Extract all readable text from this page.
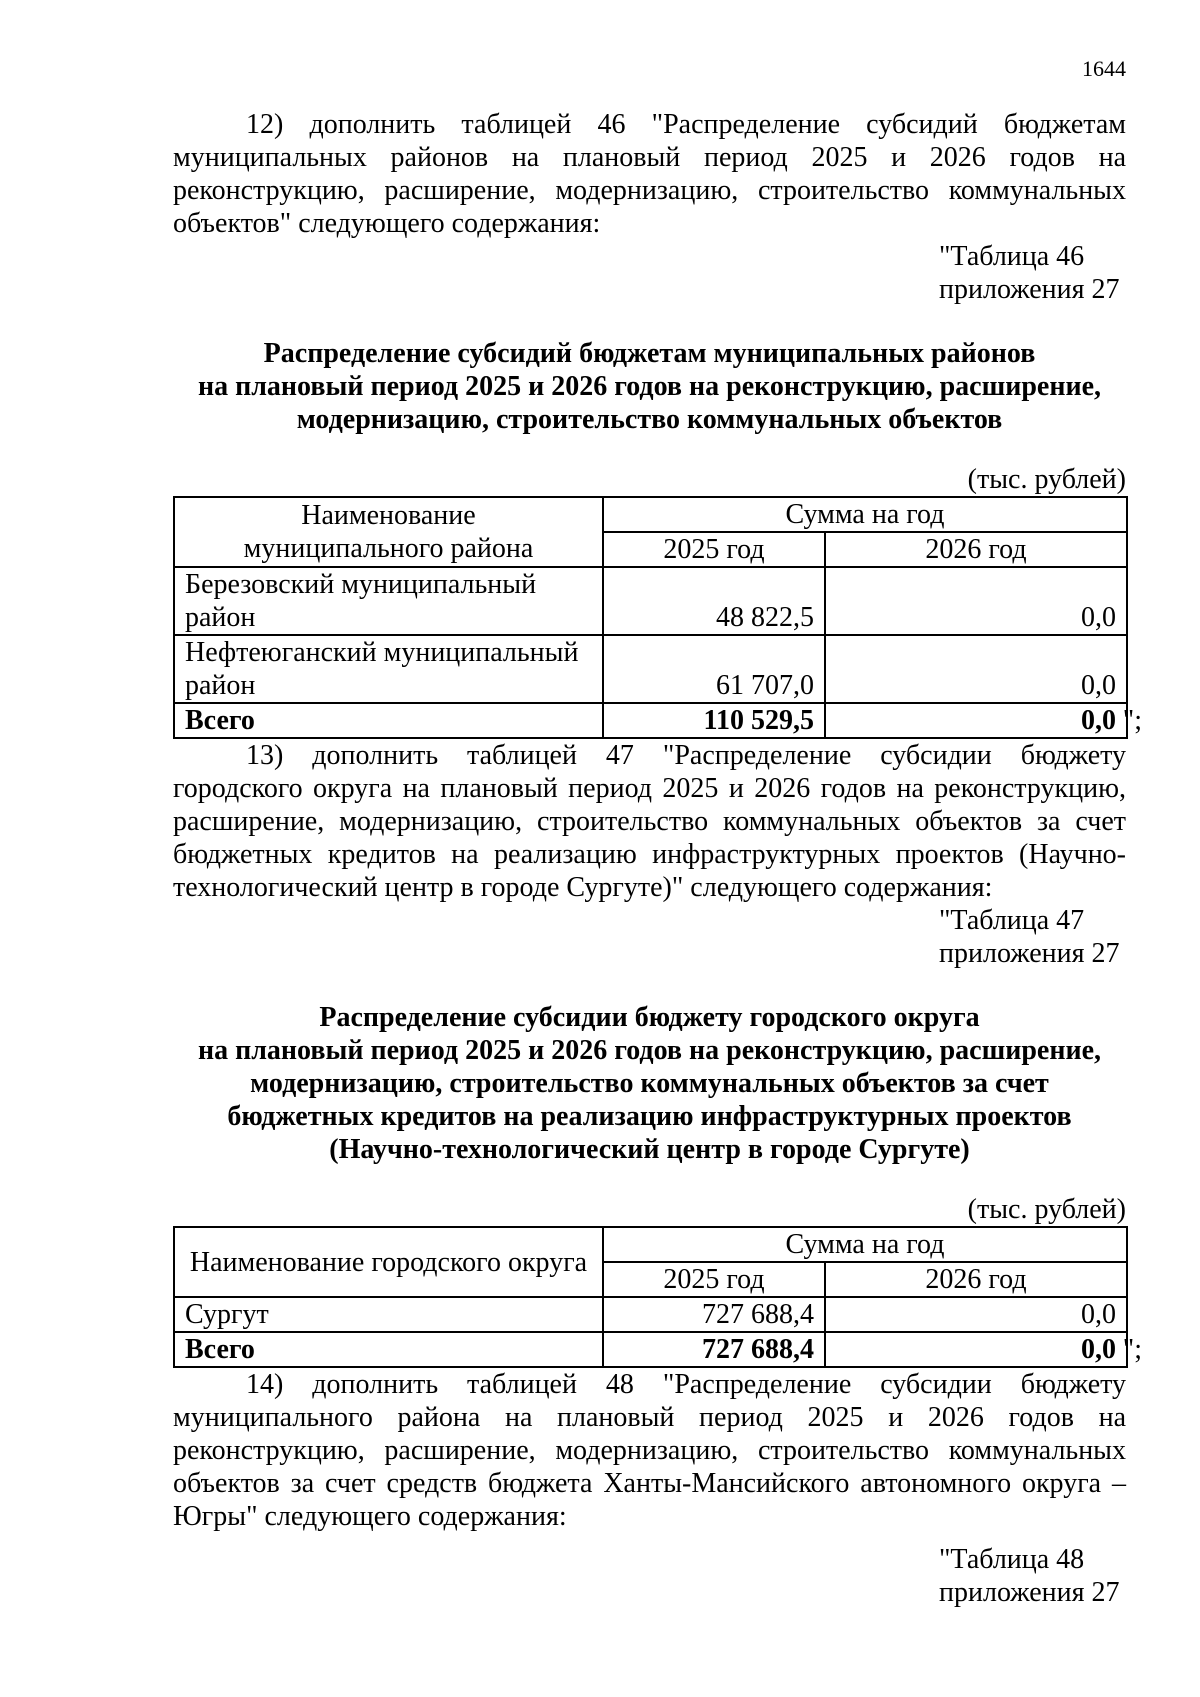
1644

12) дополнить таблицей 46 "Распределение субсидий бюджетам муниципальных районов на плановый период 2025 и 2026 годов на реконструкцию, расширение, модернизацию, строительство коммунальных объектов" следующего содержания:

"Таблица 46
приложения 27
Распределение субсидий бюджетам муниципальных районов
на плановый период 2025 и 2026 годов на реконструкцию, расширение,
модернизацию, строительство коммунальных объектов

(тыс. рублей)

Наименование
муниципального района	Сумма на год	
	2025 год	2026 год
Березовский муниципальный район	48 822,5	0,0
Нефтеюганский муниципальный район	61 707,0	0,0
Всего	110 529,5	0,0 ";

13) дополнить таблицей 47 "Распределение субсидии бюджету городского округа на плановый период 2025 и 2026 годов на реконструкцию, расширение, модернизацию, строительство коммунальных объектов за счет бюджетных кредитов на реализацию инфраструктурных проектов (Научно-технологический центр в городе Сургуте)" следующего содержания:

"Таблица 47
приложения 27
Распределение субсидии бюджету городского округа
на плановый период 2025 и 2026 годов на реконструкцию, расширение,
модернизацию, строительство коммунальных объектов за счет
бюджетных кредитов на реализацию инфраструктурных проектов
(Научно-технологический центр в городе Сургуте)

(тыс. рублей)

Наименование городского округа	Сумма на год	
	2025 год	2026 год
Сургут	727 688,4	0,0
Всего	727 688,4	0,0 ";

14) дополнить таблицей 48 "Распределение субсидии бюджету муниципального района на плановый период 2025 и 2026 годов на реконструкцию, расширение, модернизацию, строительство коммунальных объектов за счет средств бюджета Ханты-Мансийского автономного округа – Югры" следующего содержания:

"Таблица 48
приложения 27
